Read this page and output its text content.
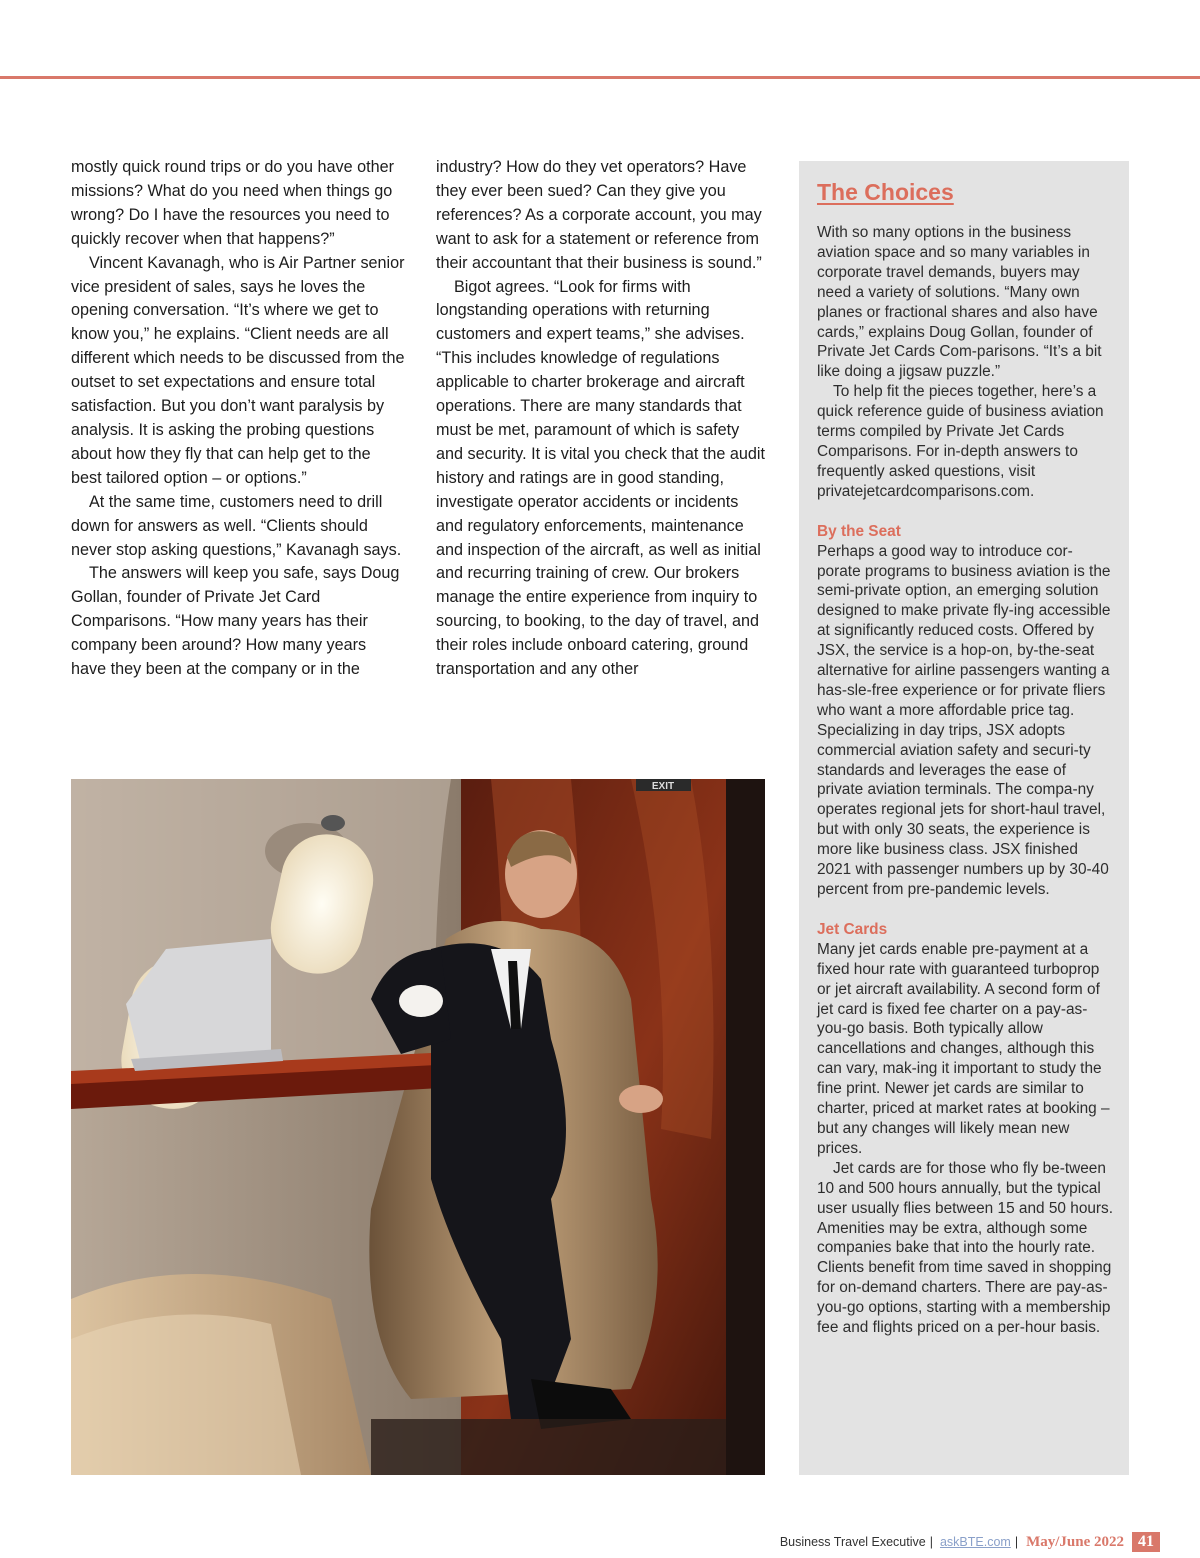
mostly quick round trips or do you have other missions? What do you need when things go wrong? Do I have the resources you need to quickly recover when that happens?”

Vincent Kavanagh, who is Air Partner senior vice president of sales, says he loves the opening conversation. “It’s where we get to know you,” he explains. “Client needs are all different which needs to be discussed from the outset to set expectations and ensure total satisfaction. But you don’t want paralysis by analysis. It is asking the probing questions about how they fly that can help get to the best tailored option – or options.”

At the same time, customers need to drill down for answers as well. “Clients should never stop asking questions,” Kavanagh says.

The answers will keep you safe, says Doug Gollan, founder of Private Jet Card Comparisons. “How many years has their company been around? How many years have they been at the company or in the

industry? How do they vet operators? Have they ever been sued? Can they give you references? As a corporate account, you may want to ask for a statement or reference from their accountant that their business is sound.”

Bigot agrees. “Look for firms with longstanding operations with returning customers and expert teams,” she advises. “This includes knowledge of regulations applicable to charter brokerage and aircraft operations. There are many standards that must be met, paramount of which is safety and security. It is vital you check that the audit history and ratings are in good standing, investigate operator accidents or incidents and regulatory enforcements, maintenance and inspection of the aircraft, as well as initial and recurring training of crew. Our brokers manage the entire experience from inquiry to sourcing, to booking, to the day of travel, and their roles include onboard catering, ground transportation and any other

EXIT
The Choices

With so many options in the business aviation space and so many variables in corporate travel demands, buyers may need a variety of solutions. “Many own planes or fractional shares and also have cards,” explains Doug Gollan, founder of Private Jet Cards Com-parisons. “It’s a bit like doing a jigsaw puzzle.”

To help fit the pieces together, here’s a quick reference guide of business aviation terms compiled by Private Jet Cards Comparisons. For in-depth answers to frequently asked questions, visit privatejetcardcomparisons.com.

By the Seat

Perhaps a good way to introduce cor-porate programs to business aviation is the semi-private option, an emerging solution designed to make private fly-ing accessible at significantly reduced costs. Offered by JSX, the service is a hop-on, by-the-seat alternative for airline passengers wanting a has-sle-free experience or for private fliers who want a more affordable price tag. Specializing in day trips, JSX adopts commercial aviation safety and securi-ty standards and leverages the ease of private aviation terminals. The compa-ny operates regional jets for short-haul travel, but with only 30 seats, the experience is more like business class. JSX finished 2021 with passenger numbers up by 30-40 percent from pre-pandemic levels.

Jet Cards

Many jet cards enable pre-payment at a fixed hour rate with guaranteed turboprop or jet aircraft availability. A second form of jet card is fixed fee charter on a pay-as-you-go basis. Both typically allow cancellations and changes, although this can vary, mak-ing it important to study the fine print. Newer jet cards are similar to charter, priced at market rates at booking – but any changes will likely mean new prices.

Jet cards are for those who fly be-tween 10 and 500 hours annually, but the typical user usually flies between 15 and 50 hours. Amenities may be extra, although some companies bake that into the hourly rate. Clients benefit from time saved in shopping for on-demand charters. There are pay-as-you-go options, starting with a membership fee and flights priced on a per-hour basis.

Business Travel Executive | askBTE.com | May/June 2022 41
